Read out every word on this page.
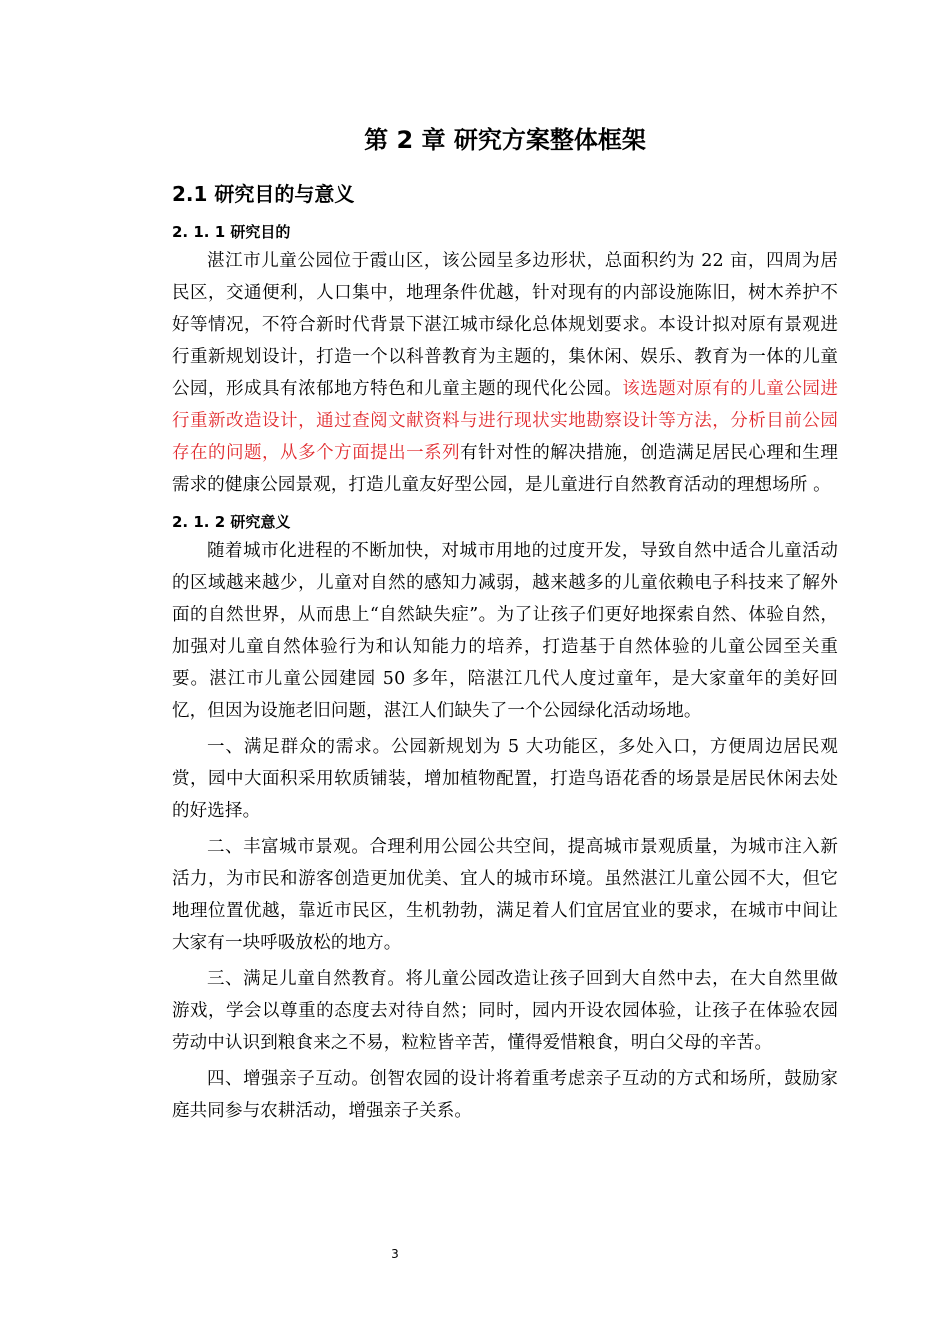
第 2 章 研究方案整体框架
2.1 研究目的与意义
2. 1. 1 研究目的

湛江市儿童公园位于霞山区，该公园呈多边形状，总面积约为 22 亩，四周为居民区，交通便利，人口集中，地理条件优越，针对现有的内部设施陈旧，树木养护不好等情况，不符合新时代背景下湛江城市绿化总体规划要求。本设计拟对原有景观进行重新规划设计，打造一个以科普教育为主题的，集休闲、娱乐、教育为一体的儿童公园，形成具有浓郁地方特色和儿童主题的现代化公园。该选题对原有的儿童公园进行重新改造设计，通过查阅文献资料与进行现状实地勘察设计等方法，分析目前公园存在的问题，从多个方面提出一系列有针对性的解决措施，创造满足居民心理和生理需求的健康公园景观，打造儿童友好型公园，是儿童进行自然教育活动的理想场所 。

2. 1. 2 研究意义

随着城市化进程的不断加快，对城市用地的过度开发，导致自然中适合儿童活动的区域越来越少，儿童对自然的感知力减弱，越来越多的儿童依赖电子科技来了解外面的自然世界，从而患上“自然缺失症”。为了让孩子们更好地探索自然、体验自然，加强对儿童自然体验行为和认知能力的培养，打造基于自然体验的儿童公园至关重要。湛江市儿童公园建园 50 多年，陪湛江几代人度过童年，是大家童年的美好回忆，但因为设施老旧问题，湛江人们缺失了一个公园绿化活动场地。

一、满足群众的需求。公园新规划为 5 大功能区，多处入口，方便周边居民观赏，园中大面积采用软质铺装，增加植物配置，打造鸟语花香的场景是居民休闲去处的好选择。

二、丰富城市景观。合理利用公园公共空间，提高城市景观质量，为城市注入新活力，为市民和游客创造更加优美、宜人的城市环境。虽然湛江儿童公园不大，但它地理位置优越，靠近市民区，生机勃勃，满足着人们宜居宜业的要求，在城市中间让大家有一块呼吸放松的地方。

三、满足儿童自然教育。将儿童公园改造让孩子回到大自然中去，在大自然里做游戏，学会以尊重的态度去对待自然；同时，园内开设农园体验，让孩子在体验农园劳动中认识到粮食来之不易，粒粒皆辛苦，懂得爱惜粮食，明白父母的辛苦。

四、增强亲子互动。创智农园的设计将着重考虑亲子互动的方式和场所，鼓励家庭共同参与农耕活动，增强亲子关系。

3
